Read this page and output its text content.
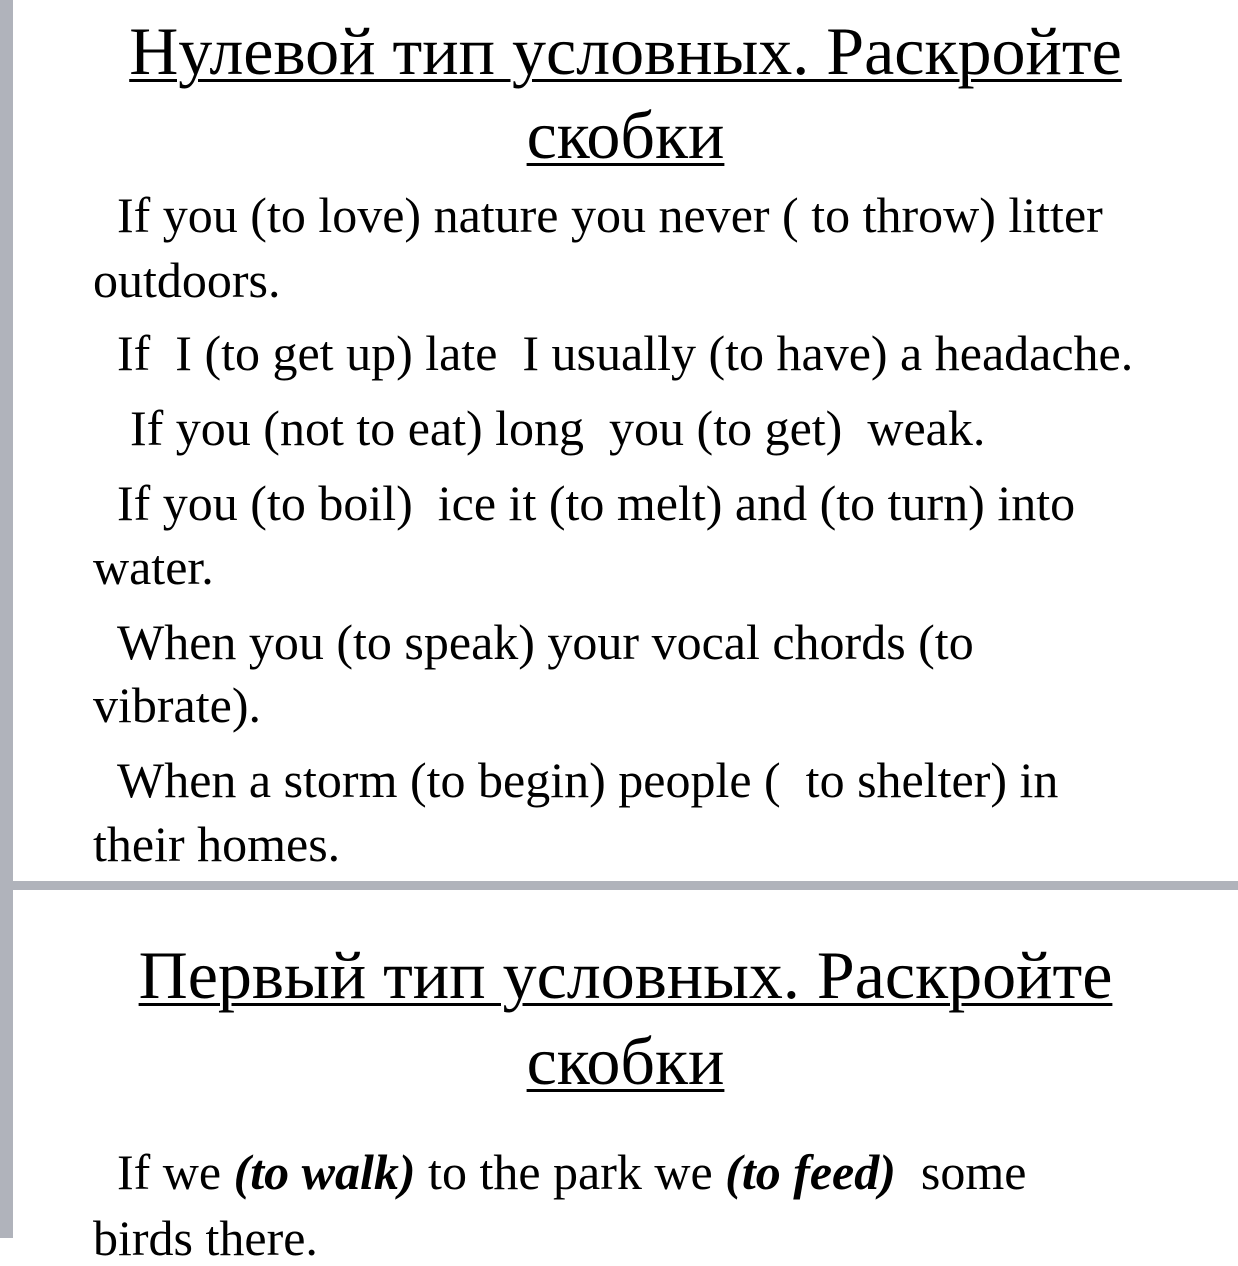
Нулевой тип условных. Раскройте
скобки
If you (to love) nature you never ( to throw) litter
outdoors.
If  I (to get up) late  I usually (to have) a headache.
If you (not to eat) long  you (to get)  weak.
If you (to boil)  ice it (to melt) and (to turn) into
water.
When you (to speak) your vocal chords (to
vibrate).
When a storm (to begin) people (  to shelter) in
their homes.
Первый тип условных. Раскройте
скобки
If we (to walk) to the park we (to feed)  some
birds there.
